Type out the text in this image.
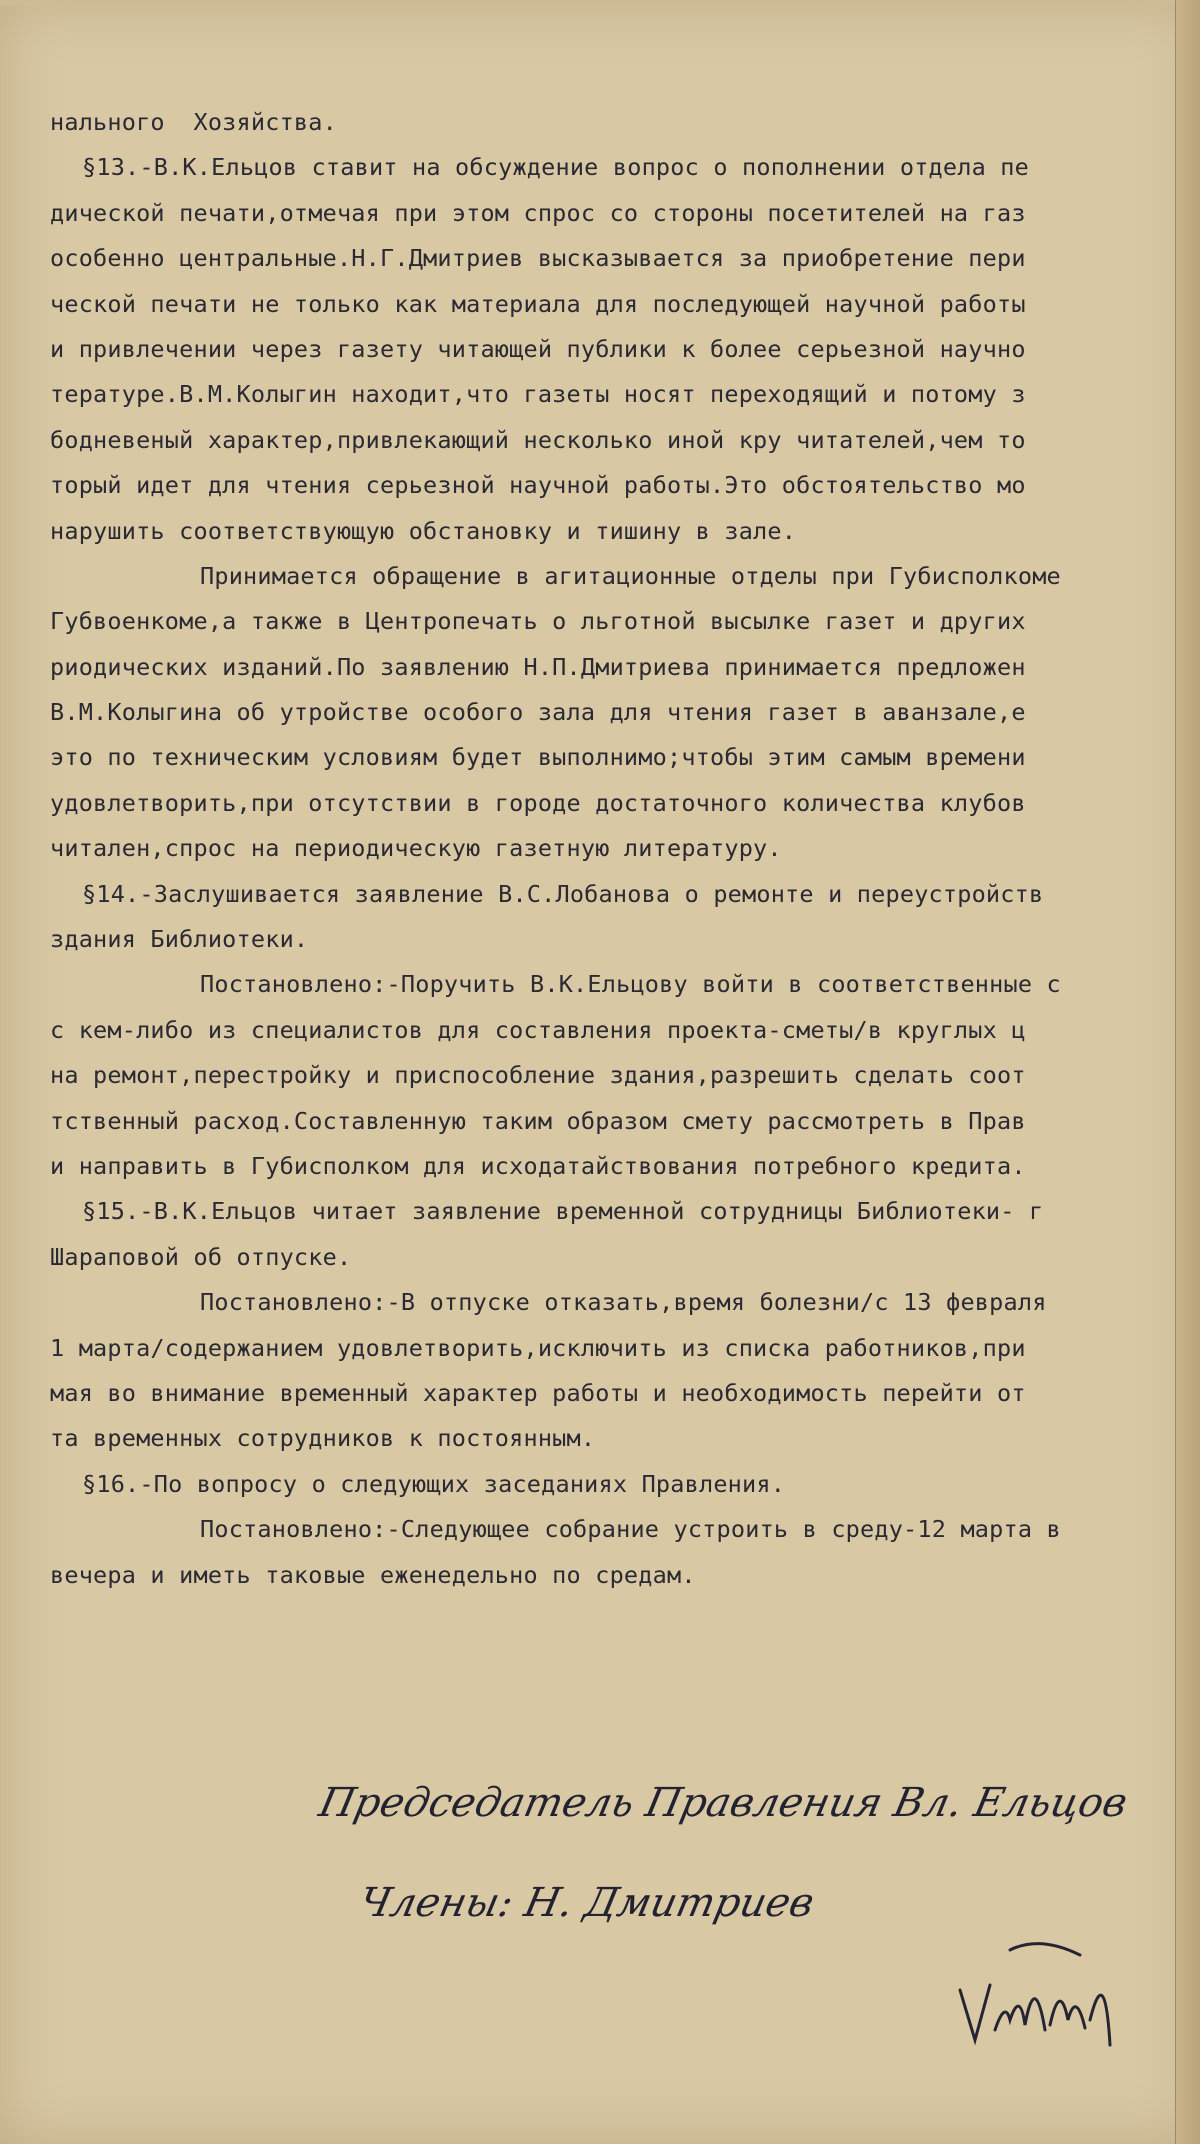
нального  Хозяйства.
§13.-В.К.Ельцов ставит на обсуждение вопрос о пополнении отдела пе
дической печати,отмечая при этом спрос со стороны посетителей на газ
особенно центральные.Н.Г.Дмитриев высказывается за приобретение пери
ческой печати не только как материала для последующей научной работы
и привлечении через газету читающей публики к более серьезной научно
тературе.В.М.Колыгин находит,что газеты носят переходящий и потому з
бодневеный характер,привлекающий несколько иной кру читателей,чем то
торый идет для чтения серьезной научной работы.Это обстоятельство мо
нарушить соответствующую обстановку и тишину в зале.
Принимается обращение в агитационные отделы при Губисполкоме
Губвоенкоме,а также в Центропечать о льготной высылке газет и других
риодических изданий.По заявлению Н.П.Дмитриева принимается предложен
В.М.Колыгина об утройстве особого зала для чтения газет в аванзале,е
это по техническим условиям будет выполнимо;чтобы этим самым времени
удовлетворить,при отсутствии в городе достаточного количества клубов
читален,спрос на периодическую газетную литературу.
§14.-Заслушивается заявление В.С.Лобанова о ремонте и переустройств
здания Библиотеки.
Постановлено:-Поручить В.К.Ельцову войти в соответственные с
с кем-либо из специалистов для составления проекта-сметы/в круглых ц
на ремонт,перестройку и приспособление здания,разрешить сделать соот
тственный расход.Составленную таким образом смету рассмотреть в Прав
и направить в Губисполком для исходатайствования потребного кредита.
§15.-В.К.Ельцов читает заявление временной сотрудницы Библиотеки- г
Шараповой об отпуске.
Постановлено:-В отпуске отказать,время болезни/с 13 февраля
1 марта/содержанием удовлетворить,исключить из списка работников,при
мая во внимание временный характер работы и необходимость перейти от
та временных сотрудников к постоянным.
§16.-По вопросу о следующих заседаниях Правления.
Постановлено:-Следующее собрание устроить в среду-12 марта в
вечера и иметь таковые еженедельно по средам.
Председатель Правления Вл. Ельцов
Члены: Н. Дмитриев
